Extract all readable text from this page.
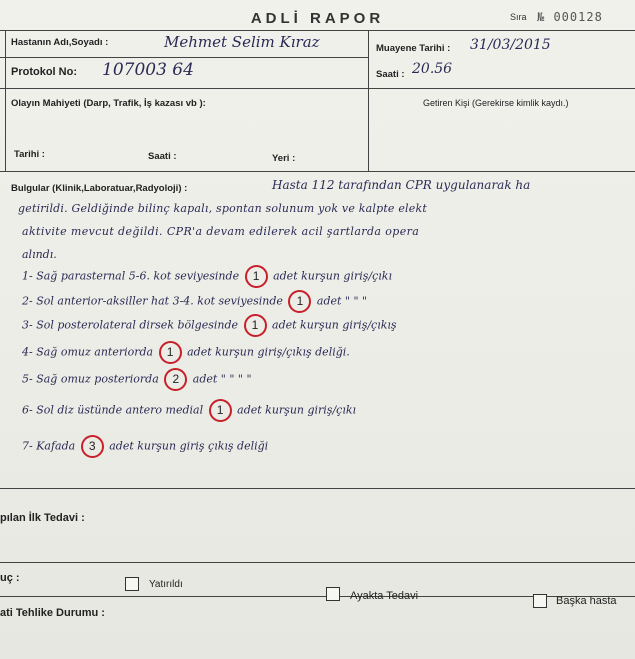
ADLİ RAPOR	Sıra № 000128
Hastanın Adı,Soyadı :	Mehmet Selim Kıraz
Protokol No: 107003 64
Muayene Tarihi : 31/03/2015
Saati : 20.56
Olayın Mahiyeti (Darp, Trafik, İş kazası vb ):	Getiren Kişi (Gerekirse kimlik kaydı.)
Tarihi :	Saati :	Yeri :
Bulgular (Klinik,Laboratuar,Radyoloji) :	Hasta 112 tarafından CPR uygulanarak ha
getirildi. Geldiğinde bilinç kapalı, spontan solunum yok ve kalpte elekt
aktivite mevcut değildi. CPR'a devam edilerek acil şartlarda opera
alındı.
1- Sağ parasternal 5-6. kot seviyesinde 1 adet kurşun giriş/çıkı
2- Sol anterior-aksiller hat 3-4. kot seviyesinde 1 adet " " "
3- Sol posterolateral dirsek bölgesinde 1 adet kurşun giriş/çıkış
4- Sağ omuz anteriorda 1 adet kurşun giriş/çıkış deliği.
5- Sağ omuz posteriorda 2 adet " " " "
6- Sol diz üstünde antero medial 1 adet kurşun giriş/çıkı
7- Kafada 3 adet kurşun giriş çıkış deliği
pılan İlk Tedavi :
uç :
Yatırıldı
Ayakta Tedavi	Başka hasta
ati Tehlike Durumu :
